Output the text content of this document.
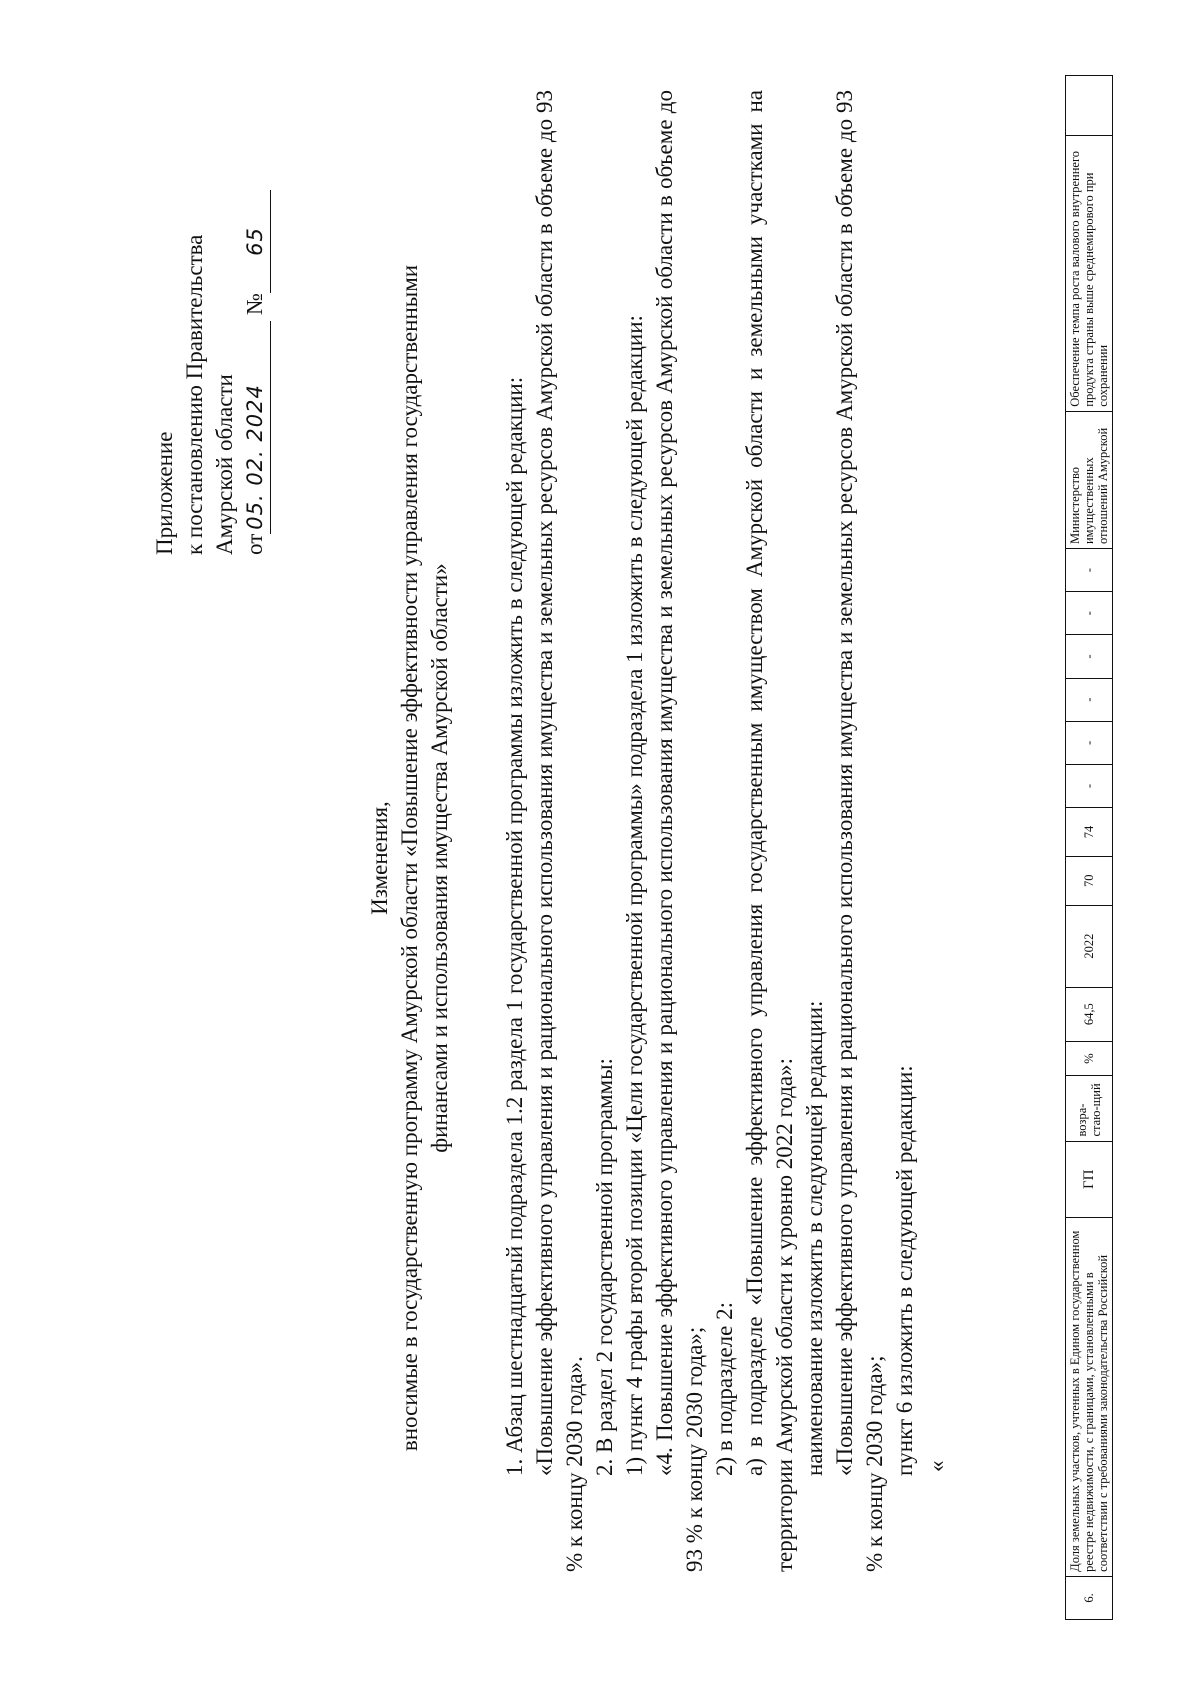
Приложение к постановлению Правительства Амурской области от05. 02. 2024 №65
Изменения, вносимые в государственную программу Амурской области «Повышение эффективности управления государственными финансами и использования имущества Амурской области» 1. Абзац шестнадцатый подраздела 1.2 раздела 1 государственной программы изложить в следующей редакции: «Повышение эффективного управления и рационального использования имущества и земельных ресурсов Амурской области в объеме до 93 % к концу 2030 года». 2. В раздел 2 государственной программы: 1) пункт 4 графы второй позиции «Цели государственной программы» подраздела 1 изложить в следующей редакции: «4. Повышение эффективного управления и рационального использования имущества и земельных ресурсов Амурской области в объеме до 93 % к концу 2030 года»; 2) в подразделе 2: а) в подразделе «Повышение эффективного управления государственным имуществом Амурской области и земельными участками на территории Амурской области к уровню 2022 года»: наименование изложить в следующей редакции: «Повышение эффективного управления и рационального использования имущества и земельных ресурсов Амурской области в объеме до 93 % к концу 2030 года»; пункт 6 изложить в следующей редакции: «

6.	Доля земельных участков, учтенных в Едином государственном реестре недвижимости, с границами, установленными в соответствии с требованиями законодательства Российской	ГП	возра-стаю-щий	%	64,5	2022	70	74	-	-	-	-	-	-	Министерство имущественных отношений Амурской	Обеспечение темпа роста валового внутреннего продукта страны выше среднемирового при сохранении	
